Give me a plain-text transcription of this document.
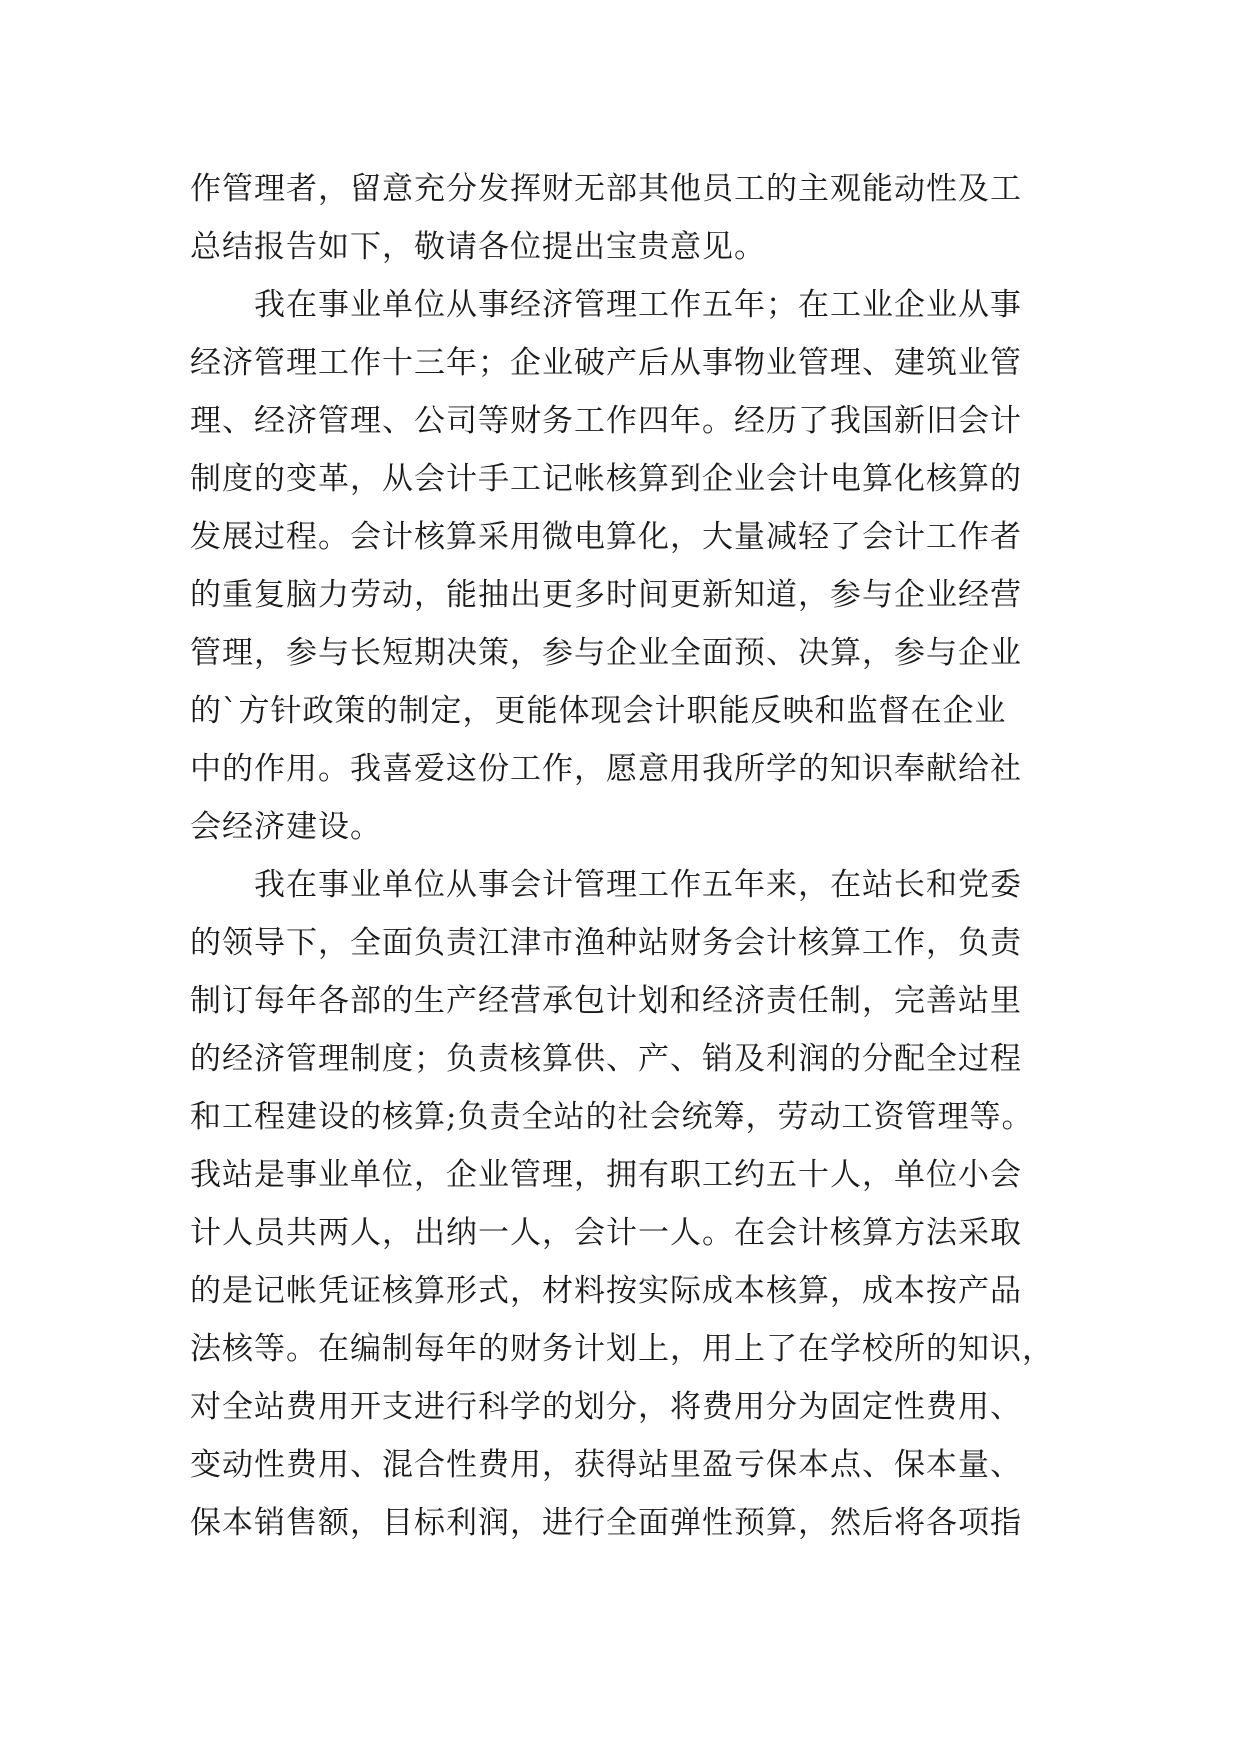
作管理者，留意充分发挥财无部其他员工的主观能动性及工
总结报告如下，敬请各位提出宝贵意见。
　　我在事业单位从事经济管理工作五年；在工业企业从事
经济管理工作十三年；企业破产后从事物业管理、建筑业管
理、经济管理、公司等财务工作四年。经历了我国新旧会计
制度的变革，从会计手工记帐核算到企业会计电算化核算的
发展过程。会计核算采用微电算化，大量减轻了会计工作者
的重复脑力劳动，能抽出更多时间更新知道，参与企业经营
管理，参与长短期决策，参与企业全面预、决算，参与企业
的`方针政策的制定，更能体现会计职能反映和监督在企业
中的作用。我喜爱这份工作，愿意用我所学的知识奉献给社
会经济建设。
　　我在事业单位从事会计管理工作五年来，在站长和党委
的领导下，全面负责江津市渔种站财务会计核算工作，负责
制订每年各部的生产经营承包计划和经济责任制，完善站里
的经济管理制度；负责核算供、产、销及利润的分配全过程
和工程建设的核算;负责全站的社会统筹，劳动工资管理等。
我站是事业单位，企业管理，拥有职工约五十人，单位小会
计人员共两人，出纳一人，会计一人。在会计核算方法采取
的是记帐凭证核算形式，材料按实际成本核算，成本按产品
法核等。在编制每年的财务计划上，用上了在学校所的知识，
对全站费用开支进行科学的划分，将费用分为固定性费用、
变动性费用、混合性费用，获得站里盈亏保本点、保本量、
保本销售额，目标利润，进行全面弹性预算，然后将各项指
